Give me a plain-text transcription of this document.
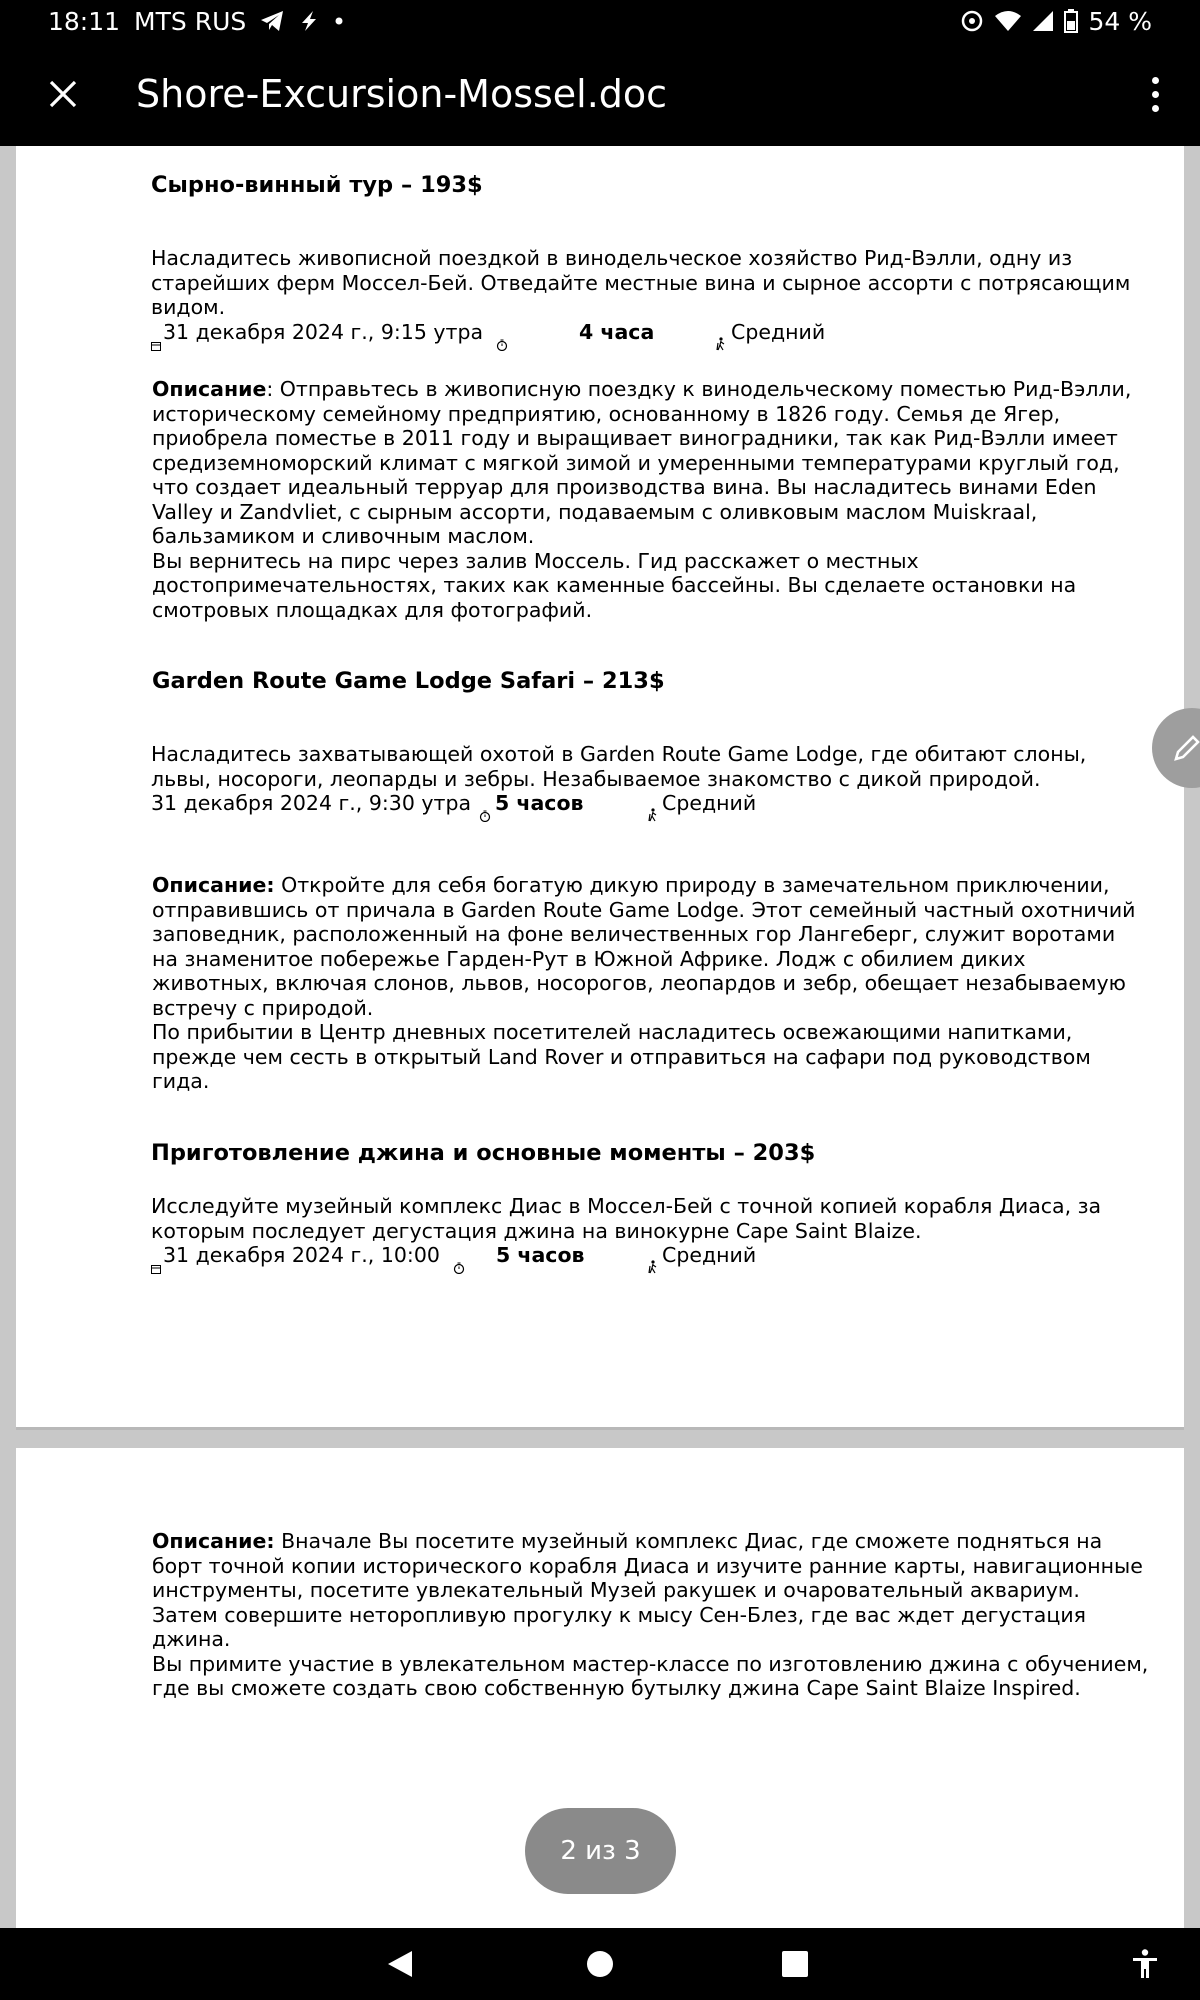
18:11 MTS RUS	54 %
Shore-Excursion-Mossel.doc

Сырно-винный тур – 193$

Насладитесь живописной поездкой в винодельческое хозяйство Рид-Вэлли, одну из старейших ферм Моссел-Бей. Отведайте местные вина и сырное ассорти с потрясающим видом.

31 декабря 2024 г., 9:15 утра	4 часа	Средний

Описание: Отправьтесь в живописную поездку к винодельческому поместью Рид-Вэлли, историческому семейному предприятию, основанному в 1826 году. Семья де Ягер, приобрела поместье в 2011 году и выращивает виноградники, так как Рид-Вэлли имеет средиземноморский климат с мягкой зимой и умеренными температурами круглый год, что создает идеальный терруар для производства вина. Вы насладитесь винами Eden Valley и Zandvliet, с сырным ассорти, подаваемым с оливковым маслом Muiskraal, бальзамиком и сливочным маслом.

Вы вернитесь на пирс через залив Моссель. Гид расскажет о местных достопримечательностях, таких как каменные бассейны. Вы сделаете остановки на смотровых площадках для фотографий.

Garden Route Game Lodge Safari – 213$

Насладитесь захватывающей охотой в Garden Route Game Lodge, где обитают слоны, львы, носороги, леопарды и зебры. Незабываемое знакомство с дикой природой.

31 декабря 2024 г., 9:30 утра 5 часов	Средний

Описание: Откройте для себя богатую дикую природу в замечательном приключении, отправившись от причала в Garden Route Game Lodge. Этот семейный частный охотничий заповедник, расположенный на фоне величественных гор Лангеберг, служит воротами на знаменитое побережье Гарден-Рут в Южной Африке. Лодж с обилием диких животных, включая слонов, львов, носорогов, леопардов и зебр, обещает незабываемую встречу с природой.

По прибытии в Центр дневных посетителей насладитесь освежающими напитками, прежде чем сесть в открытый Land Rover и отправиться на сафари под руководством гида.

Приготовление джина и основные моменты – 203$

Исследуйте музейный комплекс Диас в Моссел-Бей с точной копией корабля Диаса, за которым последует дегустация джина на винокурне Cape Saint Blaize.

31 декабря 2024 г., 10:00	5 часов	Средний

Описание: Вначале Вы посетите музейный комплекс Диас, где сможете подняться на борт точной копии исторического корабля Диаса и изучите ранние карты, навигационные инструменты, посетите увлекательный Музей ракушек и очаровательный аквариум.

Затем совершите неторопливую прогулку к мысу Сен-Блез, где вас ждет дегустация джина.

Вы примите участие в увлекательном мастер-классе по изготовлению джина с обучением, где вы сможете создать свою собственную бутылку джина Cape Saint Blaize Inspired.

2 из 3
